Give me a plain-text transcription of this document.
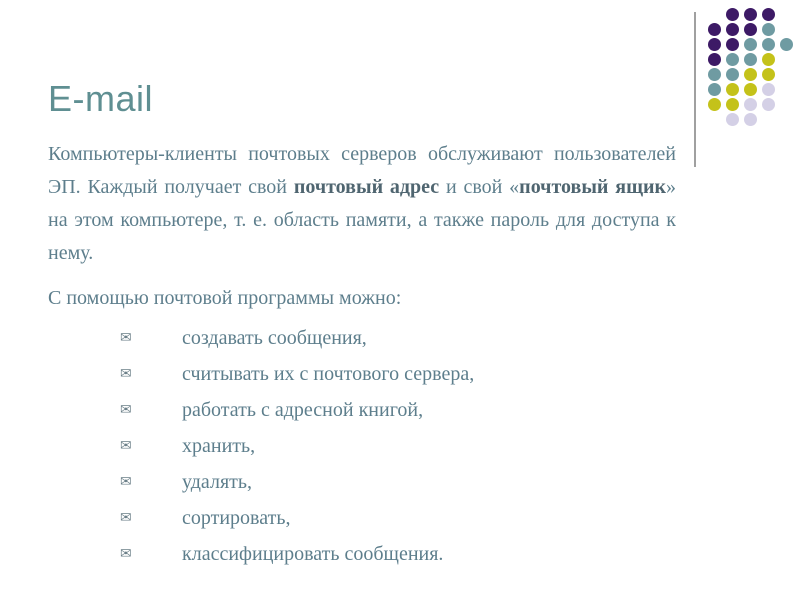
E-mail

Компьютеры-клиенты почтовых серверов обслуживают пользователей ЭП. Каждый получает свой почтовый адрес и свой «почтовый ящик» на этом компьютере, т. е. область памяти, а также пароль для доступа к нему.

С помощью почтовой программы можно:

✉	создавать сообщения,
✉	считывать их с почтового сервера,
✉	работать с адресной книгой,
✉	хранить,
✉	удалять,
✉	сортировать,
✉	классифицировать сообщения.
